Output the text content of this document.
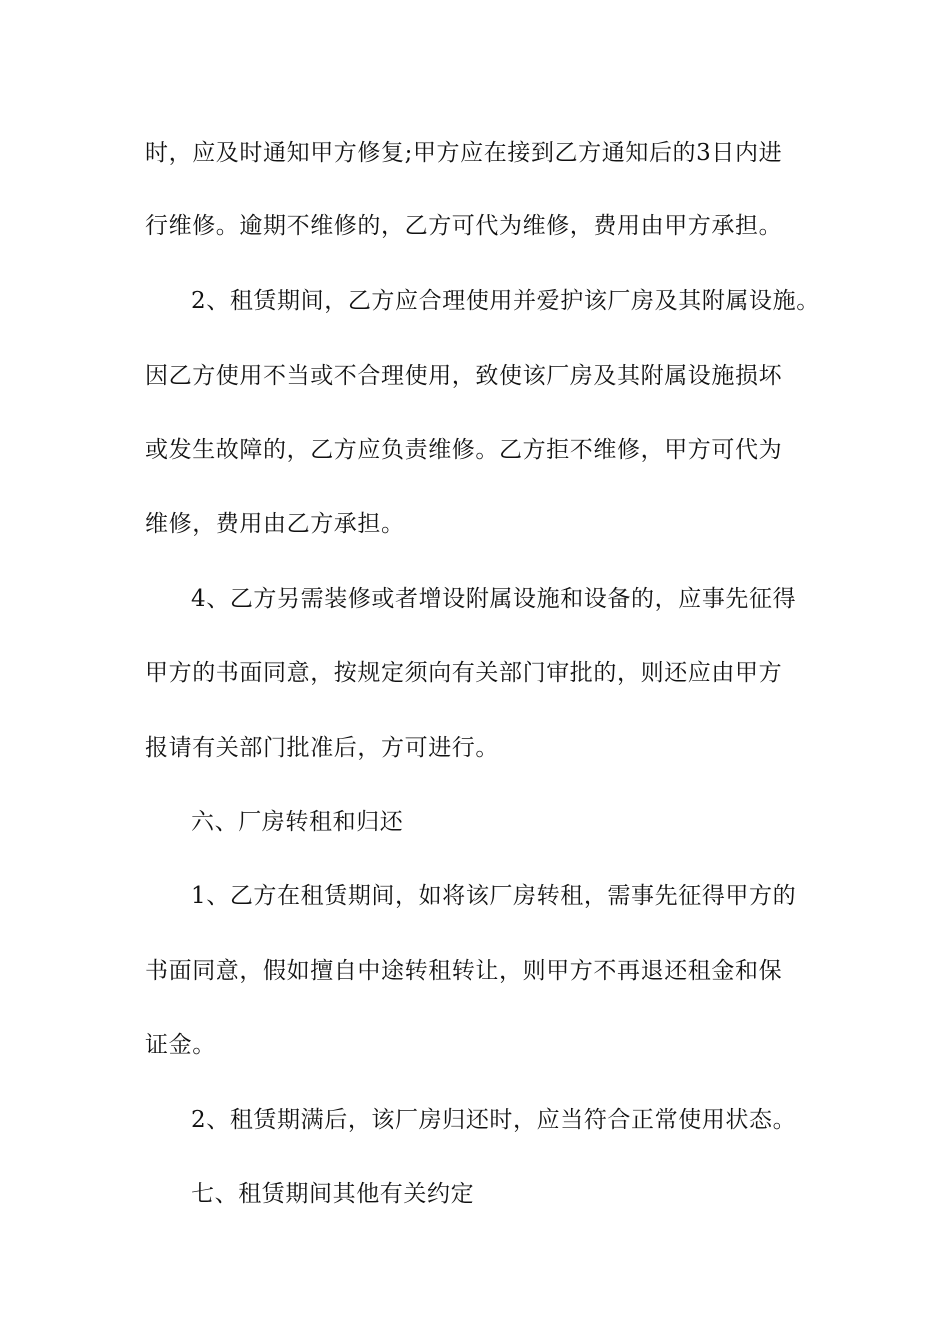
时，应及时通知甲方修复;甲方应在接到乙方通知后的3日内进
行维修。逾期不维修的，乙方可代为维修，费用由甲方承担。
2、租赁期间，乙方应合理使用并爱护该厂房及其附属设施。
因乙方使用不当或不合理使用，致使该厂房及其附属设施损坏
或发生故障的，乙方应负责维修。乙方拒不维修，甲方可代为
维修，费用由乙方承担。
4、乙方另需装修或者增设附属设施和设备的，应事先征得
甲方的书面同意，按规定须向有关部门审批的，则还应由甲方
报请有关部门批准后，方可进行。
六、厂房转租和归还
1、乙方在租赁期间，如将该厂房转租，需事先征得甲方的
书面同意，假如擅自中途转租转让，则甲方不再退还租金和保
证金。
2、租赁期满后，该厂房归还时，应当符合正常使用状态。
七、租赁期间其他有关约定
